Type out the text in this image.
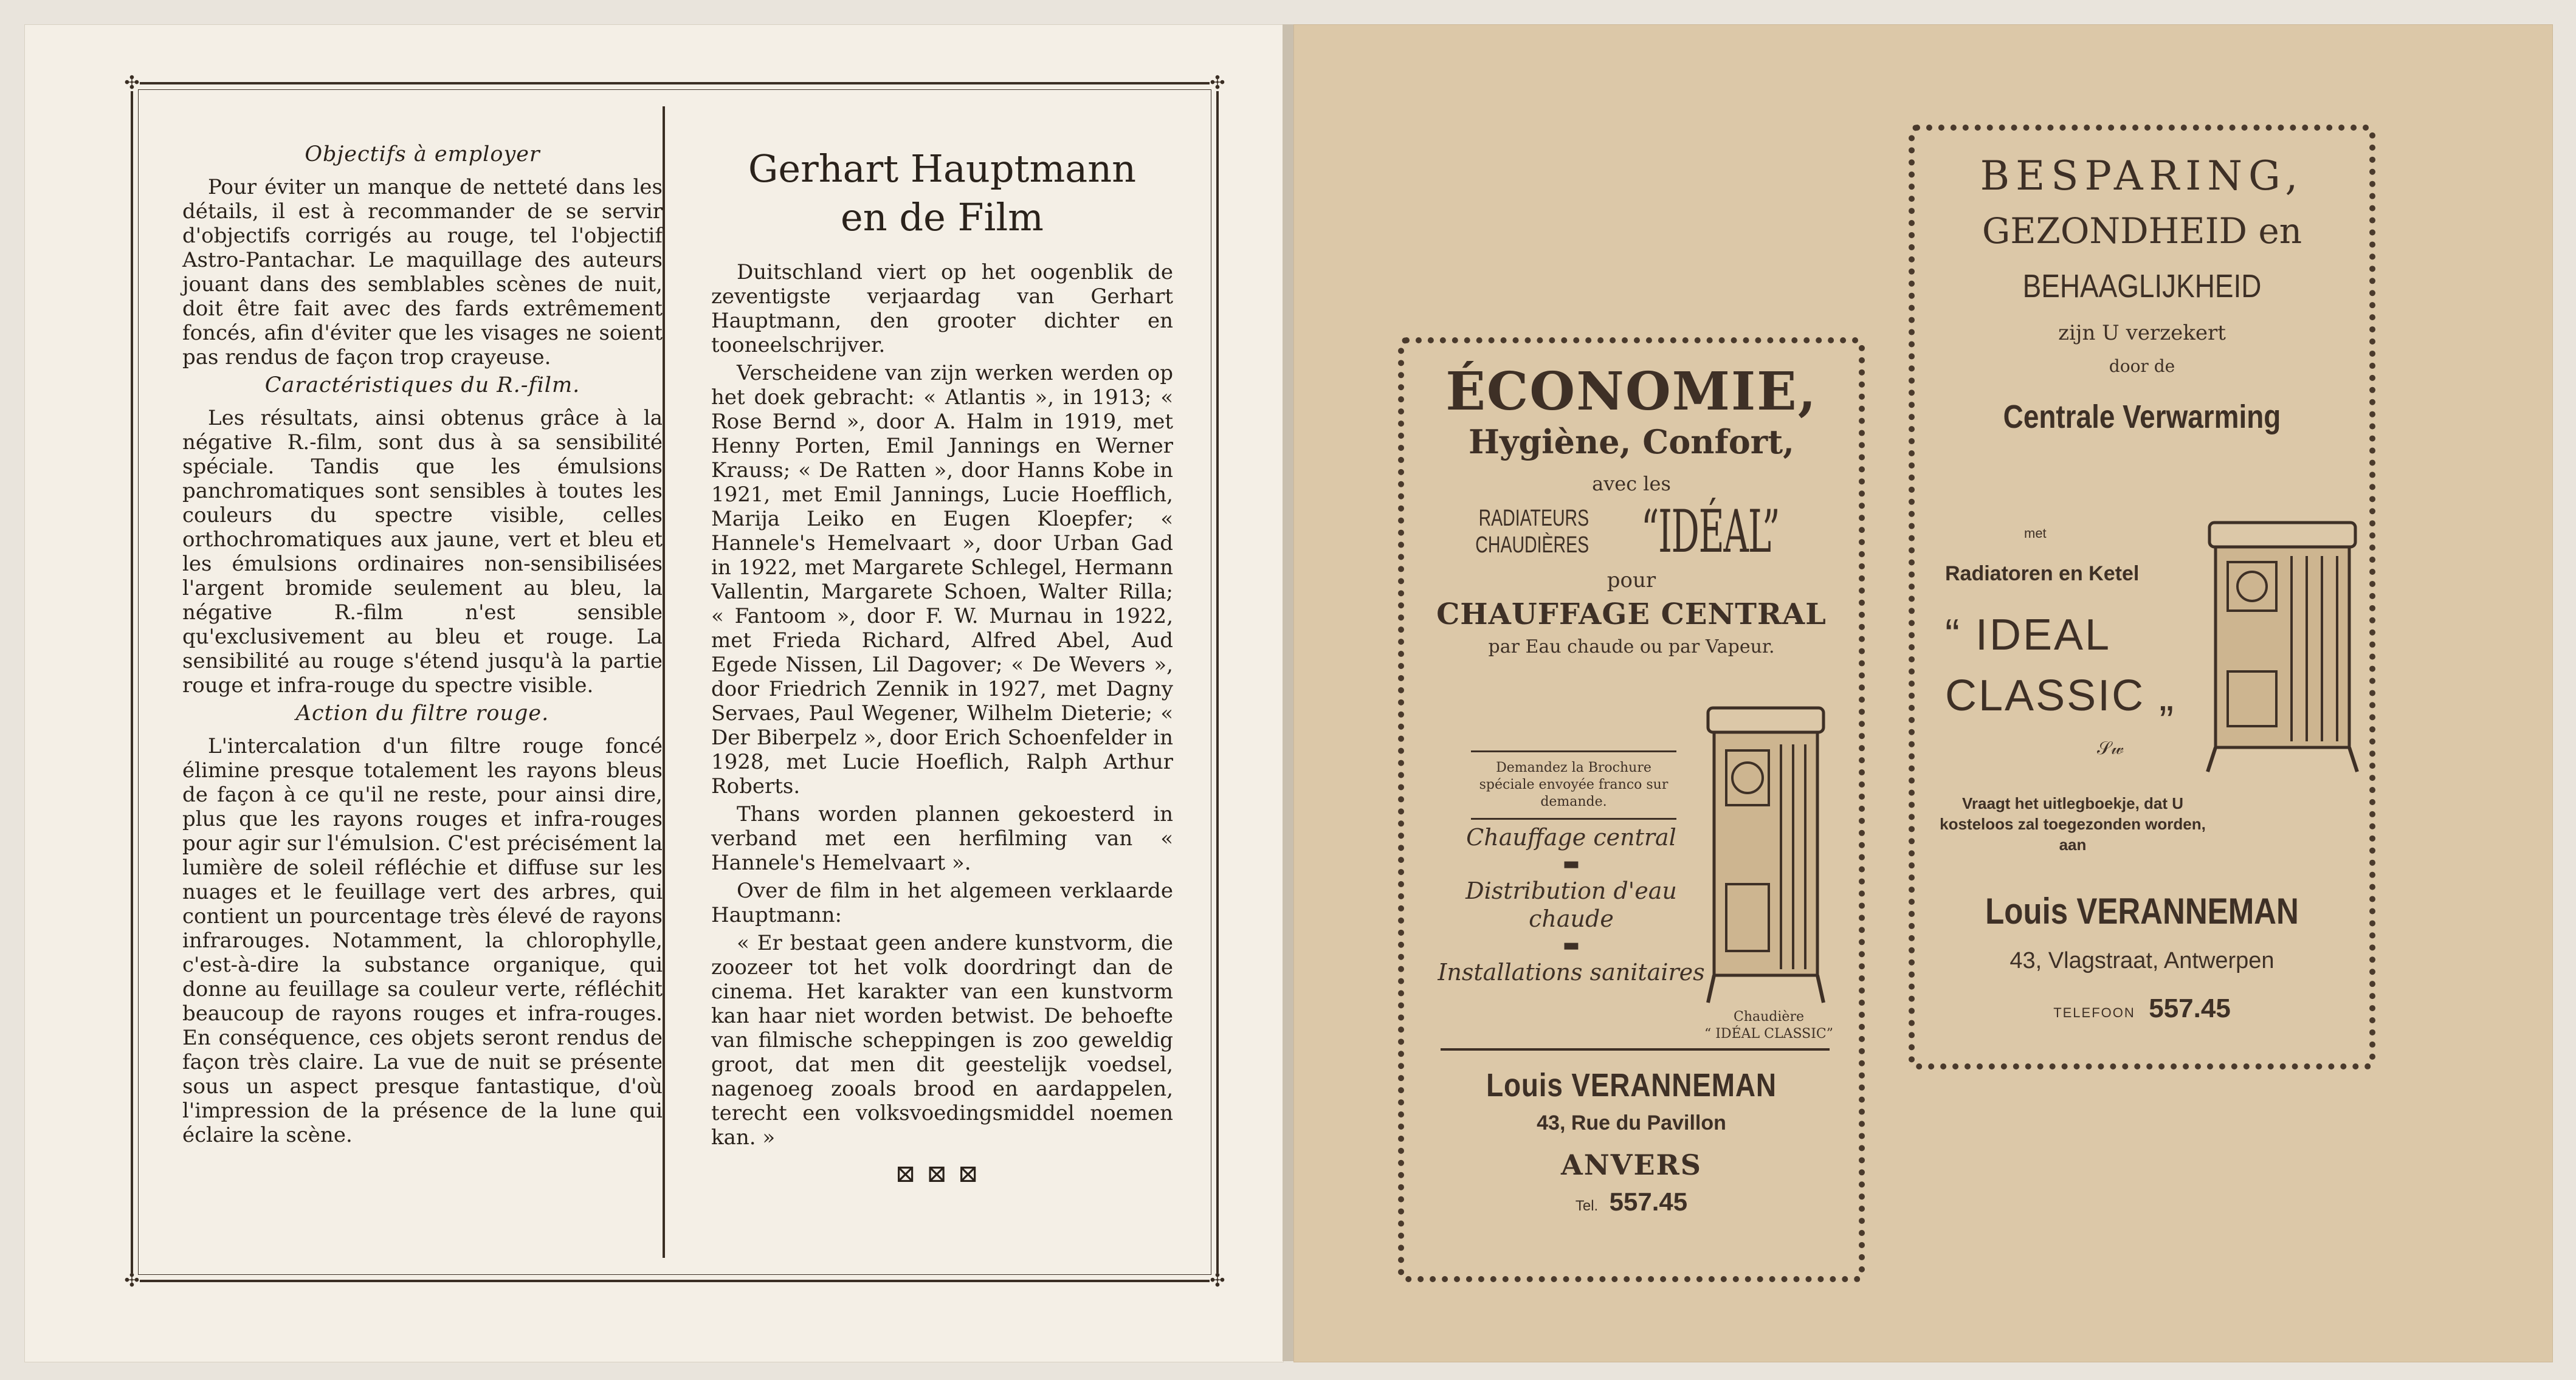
✣	✣
✣	✣
Objectifs à employer

Pour éviter un manque de netteté dans les détails, il est à recommander de se servir d'objectifs corrigés au rouge, tel l'objectif Astro-Pantachar. Le maquillage des auteurs jouant dans des semblables scènes de nuit, doit être fait avec des fards extrêmement foncés, afin d'éviter que les visages ne soient pas rendus de façon trop crayeuse.

Caractéristiques du R.-film.

Les résultats, ainsi obtenus grâce à la négative R.-film, sont dus à sa sensibilité spéciale. Tandis que les émulsions panchromatiques sont sensibles à toutes les couleurs du spectre visible, celles orthochromatiques aux jaune, vert et bleu et les émulsions ordinaires non-sensibilisées l'argent bromide seulement au bleu, la négative R.-film n'est sensible qu'exclusivement au bleu et rouge. La sensibilité au rouge s'étend jusqu'à la partie rouge et infra-rouge du spectre visible.

Action du filtre rouge.

L'intercalation d'un filtre rouge foncé élimine presque totalement les rayons bleus de façon à ce qu'il ne reste, pour ainsi dire, plus que les rayons rouges et infra-rouges pour agir sur l'émulsion. C'est précisément la lumière de soleil réfléchie et diffuse sur les nuages et le feuillage vert des arbres, qui contient un pourcentage très élevé de rayons infrarouges. Notamment, la chlorophylle, c'est-à-dire la substance organique, qui donne au feuillage sa couleur verte, réfléchit beaucoup de rayons rouges et infra-rouges. En conséquence, ces objets seront rendus de façon très claire. La vue de nuit se présente sous un aspect presque fantastique, d'où l'impression de la présence de la lune qui éclaire la scène.

Gerhart Hauptmann
en de Film

Duitschland viert op het oogenblik de zeventigste verjaardag van Gerhart Hauptmann, den grooter dichter en tooneelschrijver.

Verscheidene van zijn werken werden op het doek gebracht: « Atlantis », in 1913; « Rose Bernd », door A. Halm in 1919, met Henny Porten, Emil Jannings en Werner Krauss; « De Ratten », door Hanns Kobe in 1921, met Emil Jannings, Lucie Hoefflich, Marija Leiko en Eugen Kloepfer; « Hannele's Hemelvaart », door Urban Gad in 1922, met Margarete Schlegel, Hermann Vallentin, Margarete Schoen, Walter Rilla; « Fantoom », door F. W. Murnau in 1922, met Frieda Richard, Alfred Abel, Aud Egede Nissen, Lil Dagover; « De Wevers », door Friedrich Zennik in 1927, met Dagny Servaes, Paul Wegener, Wilhelm Dieterie; « Der Biberpelz », door Erich Schoenfelder in 1928, met Lucie Hoeflich, Ralph Arthur Roberts.

Thans worden plannen gekoesterd in verband met een herfilming van « Hannele's Hemelvaart ».

Over de film in het algemeen verklaarde Hauptmann:

« Er bestaat geen andere kunstvorm, die zoozeer tot het volk doordringt dan de cinema. Het karakter van een kunstvorm kan haar niet worden betwist. De behoefte van filmische scheppingen is zoo geweldig groot, dat men dit geestelijk voedsel, nagenoeg zooals brood en aardappelen, terecht een volksvoedingsmiddel noemen kan. »

⊠⊠⊠
ÉCONOMIE,
Hygiène, Confort,
avec les
RADIATEURS
CHAUDIÈRES “IDÉAL”
pour
CHAUFFAGE CENTRAL
par Eau chaude ou par Vapeur.
Demandez la Brochure spéciale envoyée franco sur demande.
Chauffage central
▬
Distribution d'eau chaude
▬
Installations sanitaires
Chaudière
“ IDÉAL CLASSIC”
Louis VERANNEMAN
43, Rue du Pavillon
ANVERS
Tel. 557.45
BESPARING,
GEZONDHEID en
BEHAAGLIJKHEID
zijn U verzekert
door de
Centrale Verwarming
met
Radiatoren en Ketel
“ IDEAL
CLASSIC „
𝒮𝓌
Vraagt het uitlegboekje, dat U kosteloos zal toegezonden worden, aan
Louis VERANNEMAN
43, Vlagstraat, Antwerpen
TELEFOON 557.45
